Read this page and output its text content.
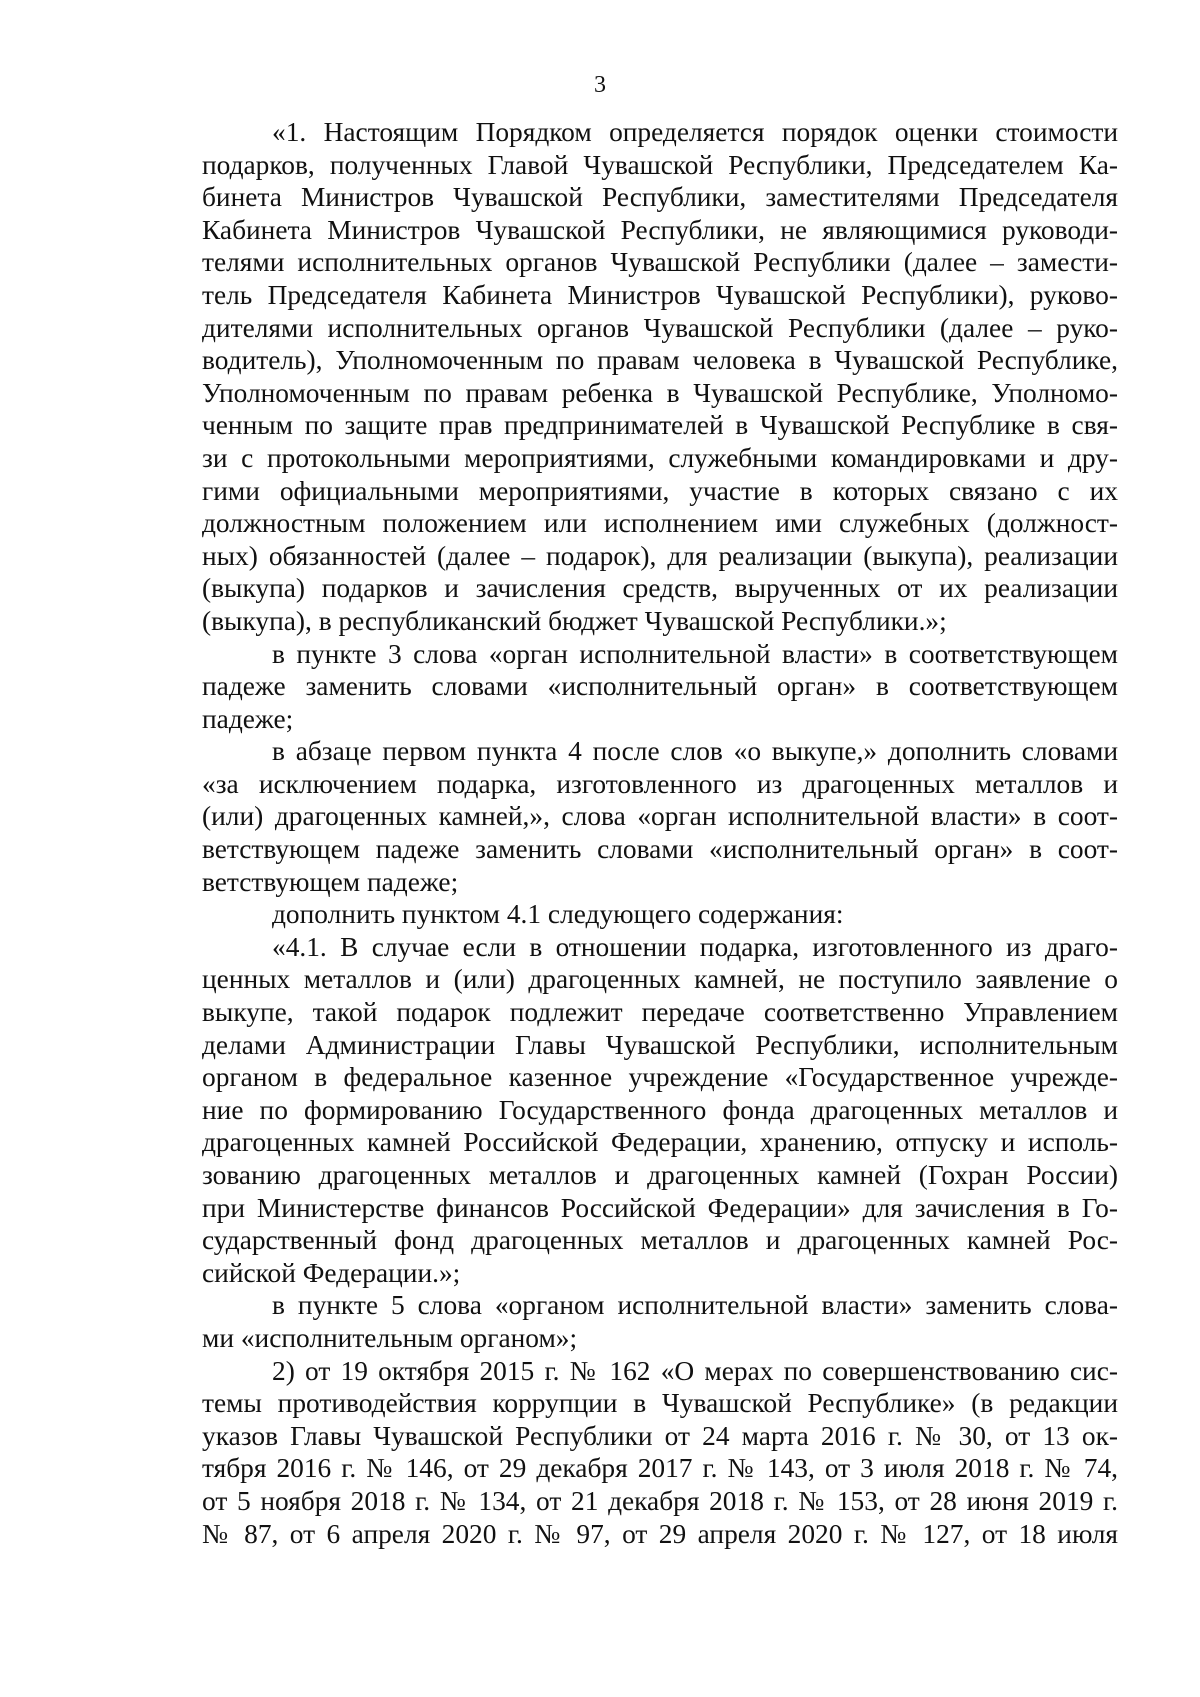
3
«1. Настоящим Порядком определяется порядок оценки стоимости
подарков, полученных Главой Чувашской Республики, Председателем Ка-
бинета Министров Чувашской Республики, заместителями Председателя
Кабинета Министров Чувашской Республики, не являющимися руководи-
телями исполнительных органов Чувашской Республики (далее – замести-
тель Председателя Кабинета Министров Чувашской Республики), руково-
дителями исполнительных органов Чувашской Республики (далее – руко-
водитель), Уполномоченным по правам человека в Чувашской Республике,
Уполномоченным по правам ребенка в Чувашской Республике, Уполномо-
ченным по защите прав предпринимателей в Чувашской Республике в свя-
зи с протокольными мероприятиями, служебными командировками и дру-
гими официальными мероприятиями, участие в которых связано с их
должностным положением или исполнением ими служебных (должност-
ных) обязанностей (далее – подарок), для реализации (выкупа), реализации
(выкупа) подарков и зачисления средств, вырученных от их реализации
(выкупа), в республиканский бюджет Чувашской Республики.»;
в пункте 3 слова «орган исполнительной власти» в соответствующем
падеже заменить словами «исполнительный орган» в соответствующем
падеже;
в абзаце первом пункта 4 после слов «о выкупе,» дополнить словами
«за исключением подарка, изготовленного из драгоценных металлов и
(или) драгоценных камней,», слова «орган исполнительной власти» в соот-
ветствующем падеже заменить словами «исполнительный орган» в соот-
ветствующем падеже;
дополнить пунктом 4.1 следующего содержания:
«4.1. В случае если в отношении подарка, изготовленного из драго-
ценных металлов и (или) драгоценных камней, не поступило заявление о
выкупе, такой подарок подлежит передаче соответственно Управлением
делами Администрации Главы Чувашской Республики, исполнительным
органом в федеральное казенное учреждение «Государственное учрежде-
ние по формированию Государственного фонда драгоценных металлов и
драгоценных камней Российской Федерации, хранению, отпуску и исполь-
зованию драгоценных металлов и драгоценных камней (Гохран России)
при Министерстве финансов Российской Федерации» для зачисления в Го-
сударственный фонд драгоценных металлов и драгоценных камней Рос-
сийской Федерации.»;
в пункте 5 слова «органом исполнительной власти» заменить слова-
ми «исполнительным органом»;
2) от 19 октября 2015 г. № 162 «О мерах по совершенствованию сис-
темы противодействия коррупции в Чувашской Республике» (в редакции
указов Главы Чувашской Республики от 24 марта 2016 г. № 30, от 13 ок-
тября 2016 г. № 146, от 29 декабря 2017 г. № 143, от 3 июля 2018 г. № 74,
от 5 ноября 2018 г. № 134, от 21 декабря 2018 г. № 153, от 28 июня 2019 г.
№ 87, от 6 апреля 2020 г. № 97, от 29 апреля 2020 г. № 127, от 18 июля
